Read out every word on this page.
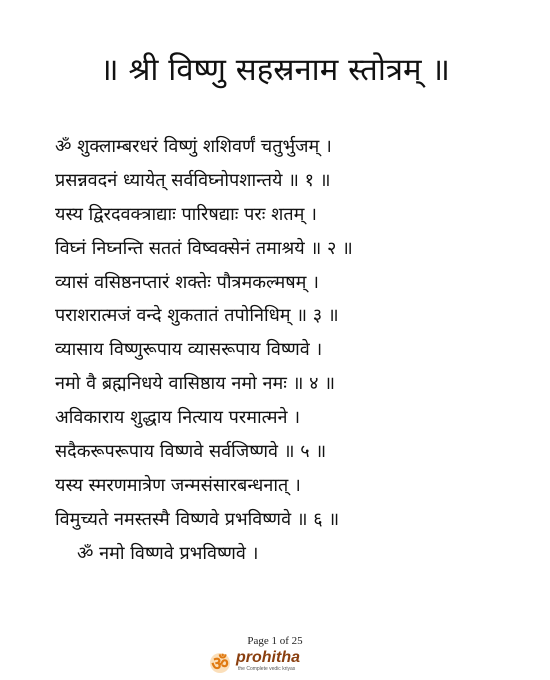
॥ श्री विष्णु सहस्रनाम स्तोत्रम् ॥
ॐ शुक्लाम्बरधरं विष्णुं शशिवर्णं चतुर्भुजम् ।
प्रसन्नवदनं ध्यायेत् सर्वविघ्नोपशान्तये ॥ १ ॥
यस्य द्विरदवक्त्राद्याः पारिषद्याः परः शतम् ।
विघ्नं निघ्नन्ति सततं विष्वक्सेनं तमाश्रये ॥ २ ॥
व्यासं वसिष्ठनप्तारं शक्तेः पौत्रमकल्मषम् ।
पराशरात्मजं वन्दे शुकतातं तपोनिधिम् ॥ ३ ॥
व्यासाय विष्णुरूपाय व्यासरूपाय विष्णवे ।
नमो वै ब्रह्मनिधये वासिष्ठाय नमो नमः ॥ ४ ॥
अविकाराय शुद्धाय नित्याय परमात्मने ।
सदैकरूपरूपाय विष्णवे सर्वजिष्णवे ॥ ५ ॥
यस्य स्मरणमात्रेण जन्मसंसारबन्धनात् ।
विमुच्यते नमस्तस्मै विष्णवे प्रभविष्णवे ॥ ६ ॥
ॐ नमो विष्णवे प्रभविष्णवे ।
Page 1 of 25
ॐ prohitha
the Complete vedic kriyas
